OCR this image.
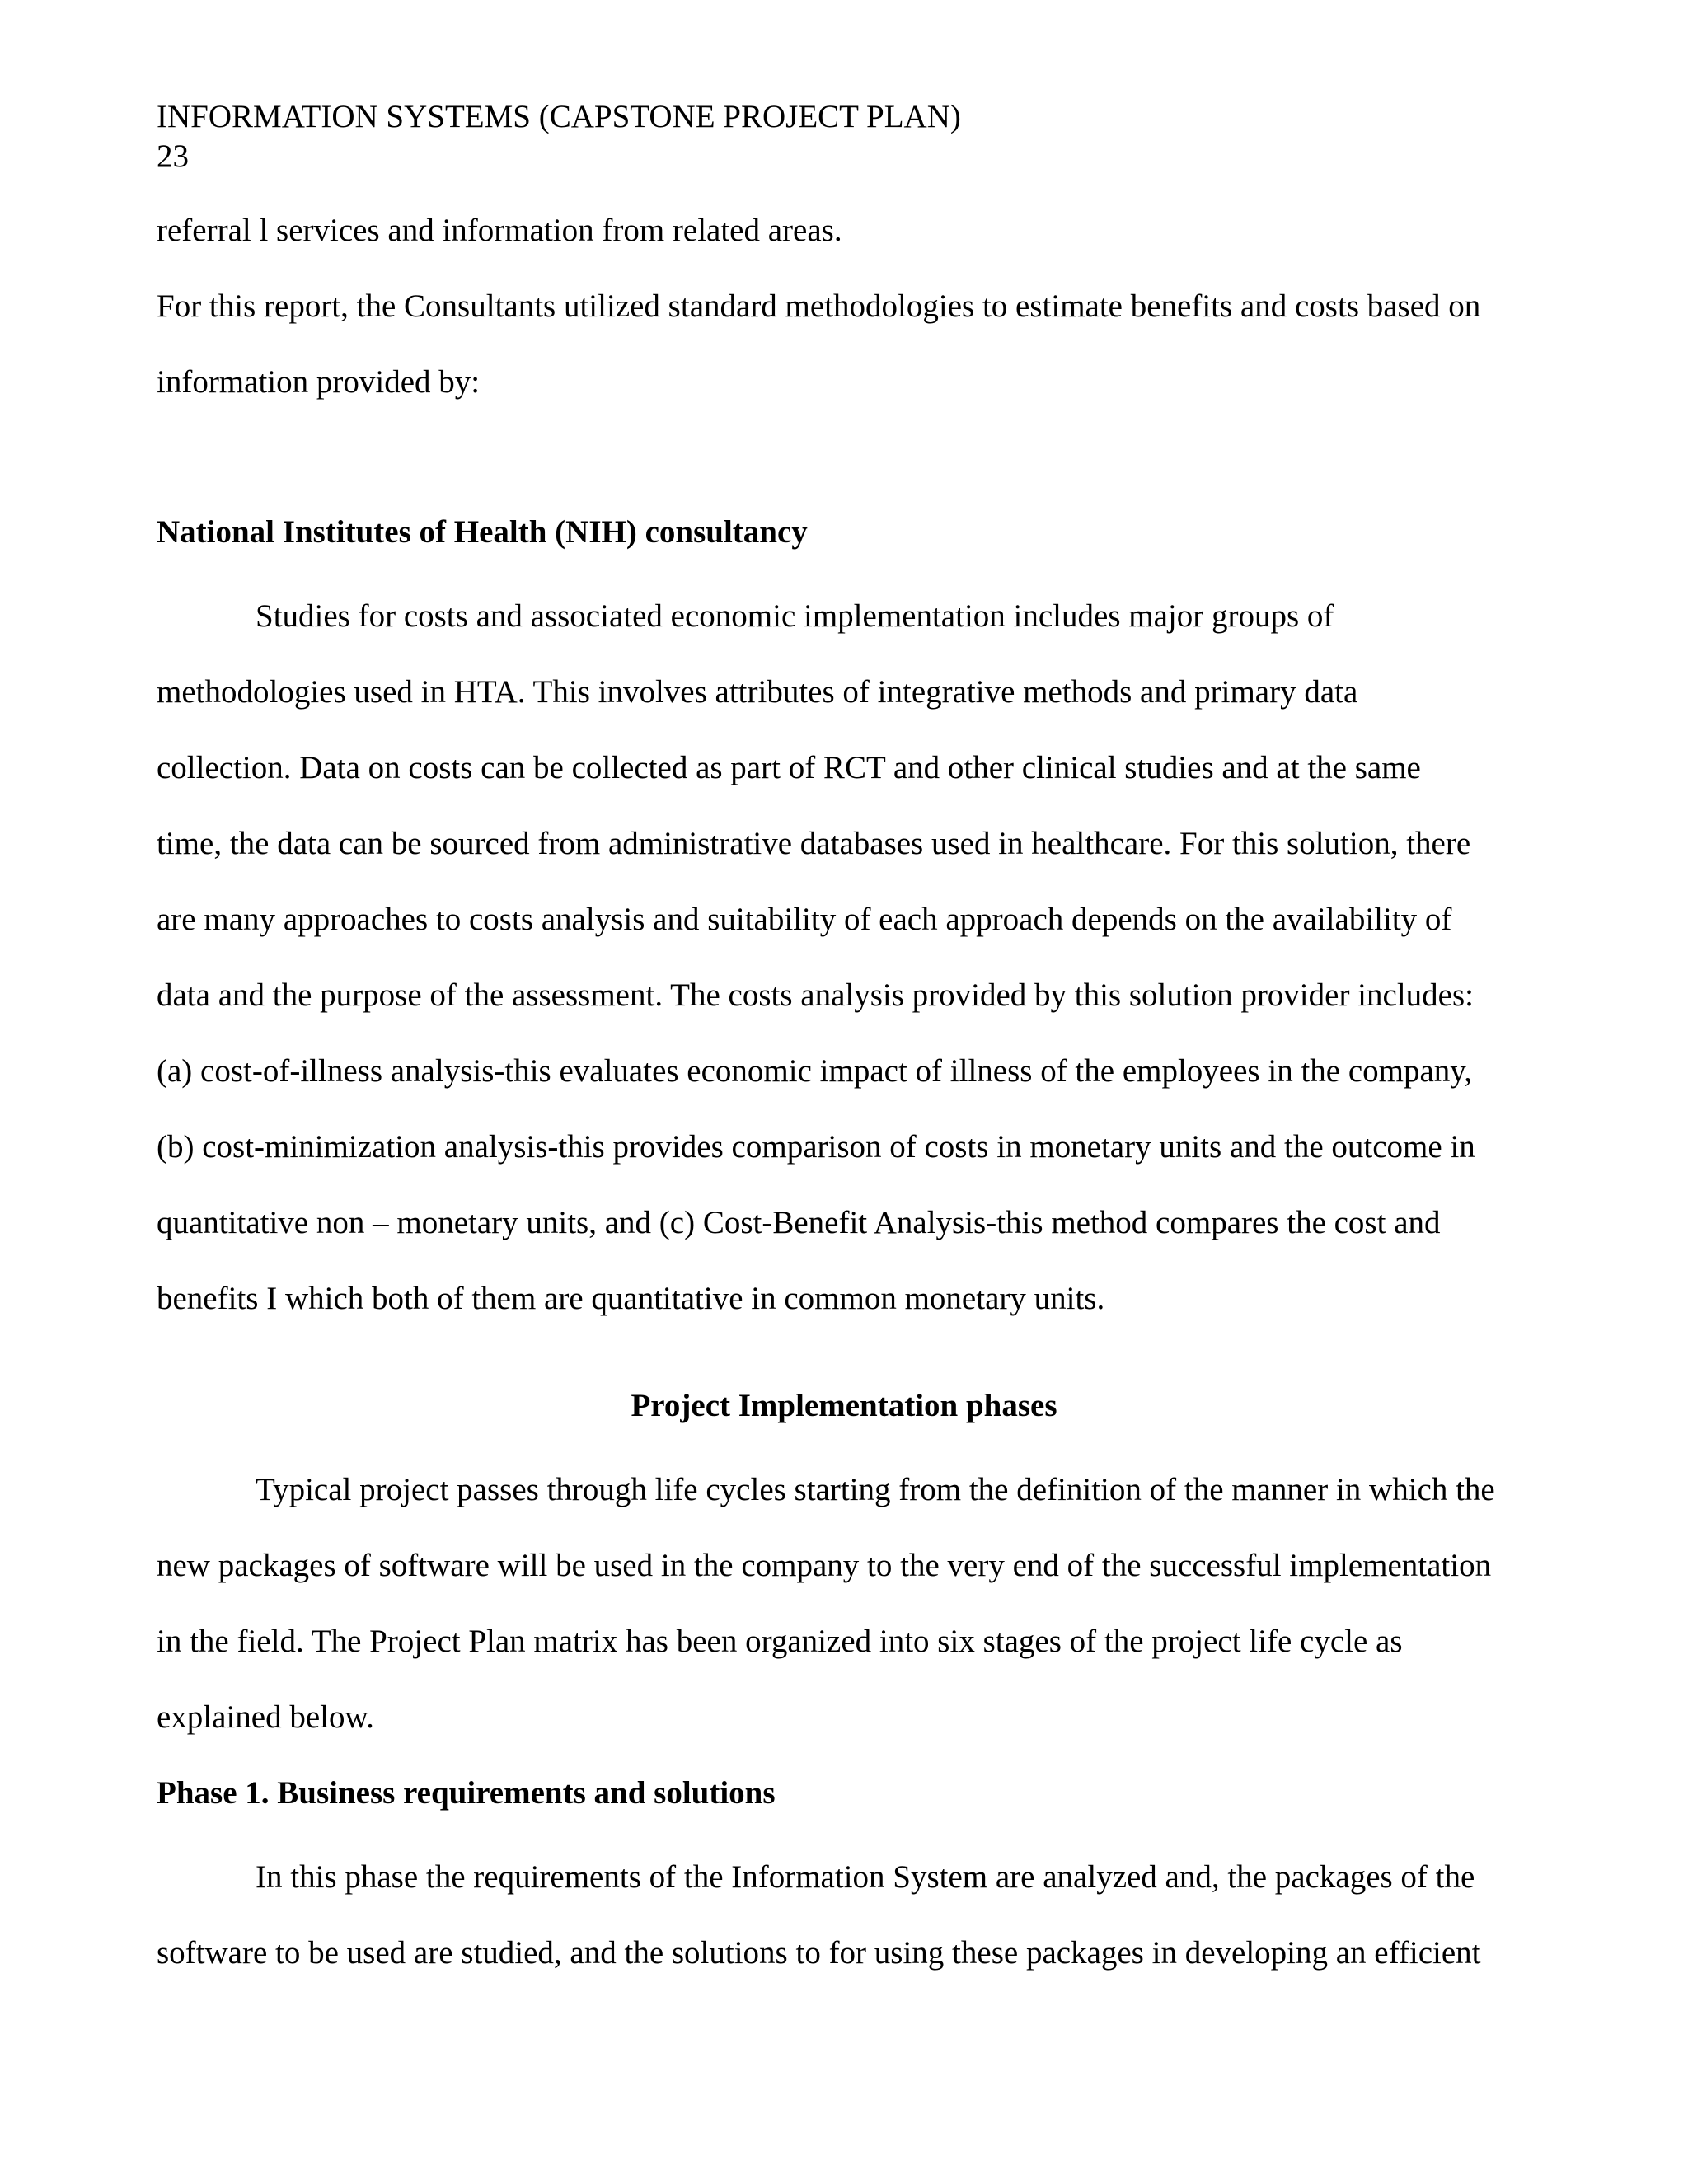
INFORMATION SYSTEMS (CAPSTONE PROJECT PLAN)
23
referral l services and information from related areas.
For this report, the Consultants utilized standard methodologies to estimate benefits and costs based on
information provided by:
National Institutes of Health (NIH) consultancy
Studies for costs and associated economic implementation includes major groups of
methodologies used in HTA. This involves attributes of integrative methods and primary data
collection. Data on costs can be collected as part of RCT and other clinical studies and at the same
time, the data can be sourced from administrative databases used in healthcare. For this solution, there
are many approaches to costs analysis and suitability of each approach depends on the availability of
data and the purpose of the assessment. The costs analysis provided by this solution provider includes:
(a) cost-of-illness analysis-this evaluates economic impact of illness of the employees in the company,
(b) cost-minimization analysis-this provides comparison of costs in monetary units and the outcome in
quantitative non – monetary units, and (c) Cost-Benefit Analysis-this method compares the cost and
benefits I which both of them are quantitative in common monetary units.
Project Implementation phases
Typical project passes through life cycles starting from the definition of the manner in which the
new packages of software will be used in the company to the very end of the successful implementation
in the field. The Project Plan matrix has been organized into six stages of the project life cycle as
explained below.
Phase 1. Business requirements and solutions
In this phase the requirements of the Information System are analyzed and, the packages of the
software to be used are studied, and the solutions to for using these packages in developing an efficient
